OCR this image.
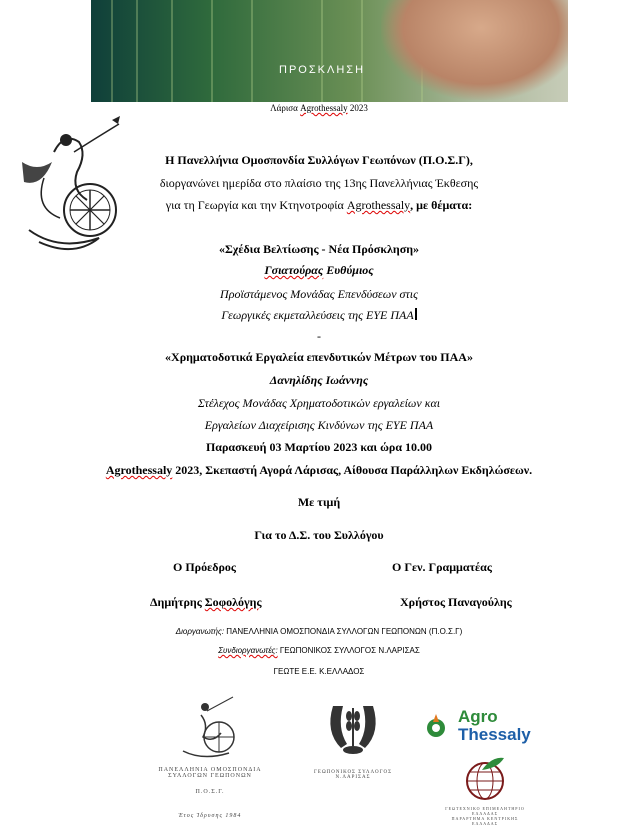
ΠΡΟΣΚΛΗΣΗ
Λάρισα Agrothessaly 2023
Η Πανελλήνια Ομοσπονδία Συλλόγων Γεωπόνων (Π.Ο.Σ.Γ),
διοργανώνει ημερίδα στο πλαίσιο της 13ης Πανελλήνιας Έκθεσης
για τη Γεωργία και την Κτηνοτροφία Agrothessaly, με θέματα:
«Σχέδια Βελτίωσης - Νέα Πρόσκληση»
Γσιατούρας Ευθύμιος
Προϊστάμενος Μονάδας Επενδύσεων στις
Γεωργικές εκμεταλλεύσεις της ΕΥΕ ΠΑΑ
-
«Χρηματοδοτικά Εργαλεία επενδυτικών Μέτρων του ΠΑΑ»
Δανηλίδης Ιωάννης
Στέλεχος Μονάδας Χρηματοδοτικών εργαλείων και
Εργαλείων Διαχείρισης Κινδύνων της ΕΥΕ ΠΑΑ
Παρασκευή 03 Μαρτίου 2023 και ώρα 10.00
Agrothessaly 2023, Σκεπαστή Αγορά Λάρισας, Αίθουσα Παράλληλων Εκδηλώσεων.
Με τιμή
Για το Δ.Σ. του Συλλόγου
Ο Πρόεδρος	Ο Γεν. Γραμματέας
Δημήτρης Σοφολόγης	Χρήστος Παναγούλης
Διοργανωτής: ΠΑΝΕΛΛΗΝΙΑ ΟΜΟΣΠΟΝΔΙΑ ΣΥΛΛΟΓΩΝ ΓΕΩΠΟΝΩΝ (Π.Ο.Σ.Γ)
Συνδιοργανωτές: ΓΕΩΠΟΝΙΚΟΣ ΣΥΛΛΟΓΟΣ Ν.ΛΑΡΙΣΑΣ
ΓΕΩΤΕ Ε.Ε. Κ.ΕΛΛΑΔΟΣ
ΠΑΝΕΛΛΗΝΙΑ ΟΜΟΣΠΟΝΔΙΑ
ΣΥΛΛΟΓΩΝ ΓΕΩΠΟΝΩΝ
Π.Ο.Σ.Γ.
Έτος Ίδρυσης 1984
ΓΕΩΠΟΝΙΚΟΣ ΣΥΛΛΟΓΟΣ Ν.ΛΑΡΙΣΑΣ
Agro
Thessaly
ΓΕΩΤΕΧΝΙΚΟ ΕΠΙΜΕΛΗΤΗΡΙΟ ΕΛΛΑΔΑΣ
ΠΑΡΑΡΤΗΜΑ ΚΕΝΤΡΙΚΗΣ ΕΛΛΑΔΑΣ
